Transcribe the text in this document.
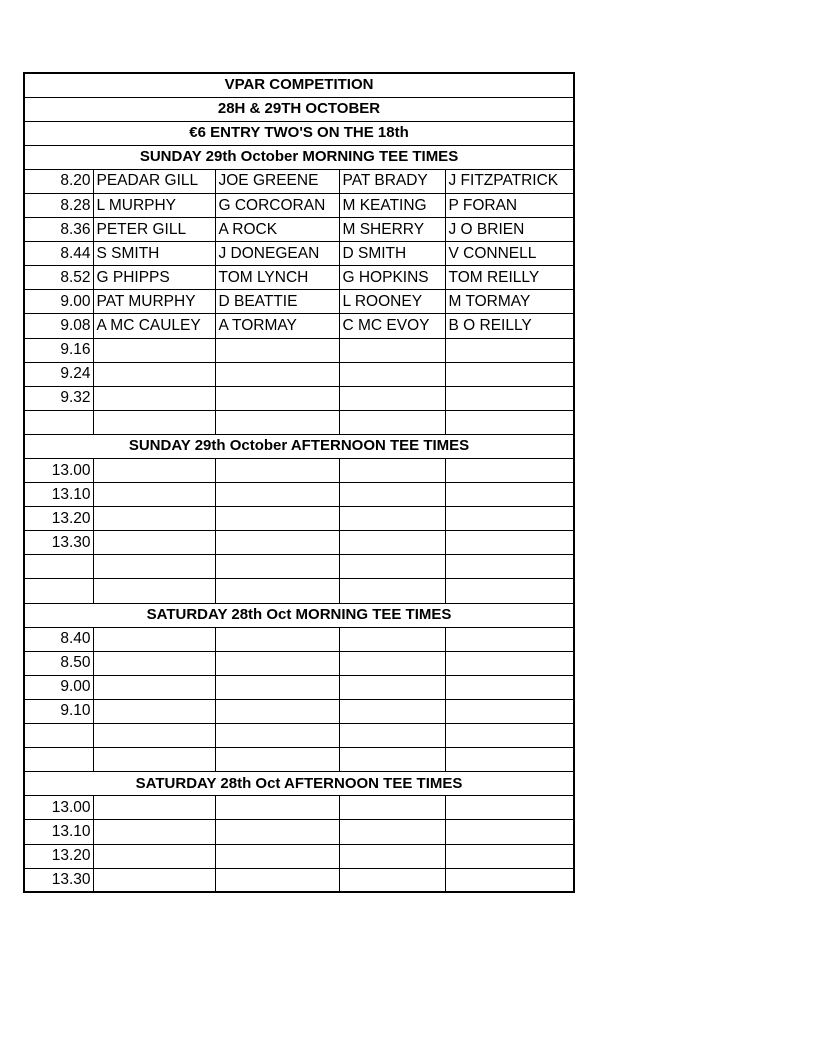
VPAR COMPETITION				
28H & 29TH OCTOBER				
€6 ENTRY TWO'S ON THE 18th				
SUNDAY 29th October MORNING TEE TIMES				
8.20	PEADAR GILL	JOE GREENE	PAT BRADY	J FITZPATRICK
8.28	L MURPHY	G CORCORAN	M KEATING	P FORAN
8.36	PETER GILL	A ROCK	M SHERRY	J O BRIEN
8.44	S SMITH	J DONEGEAN	D SMITH	V CONNELL
8.52	G PHIPPS	TOM LYNCH	G HOPKINS	TOM REILLY
9.00	PAT MURPHY	D BEATTIE	L ROONEY	M TORMAY
9.08	A MC CAULEY	A TORMAY	C MC EVOY	B O REILLY
9.16				
9.24				
9.32				

SUNDAY 29th October AFTERNOON TEE TIMES				
13.00				
13.10				
13.20				
13.30				

SATURDAY 28th Oct MORNING TEE TIMES				
8.40				
8.50				
9.00				
9.10				

SATURDAY 28th Oct AFTERNOON TEE TIMES				
13.00				
13.10				
13.20				
13.30				
